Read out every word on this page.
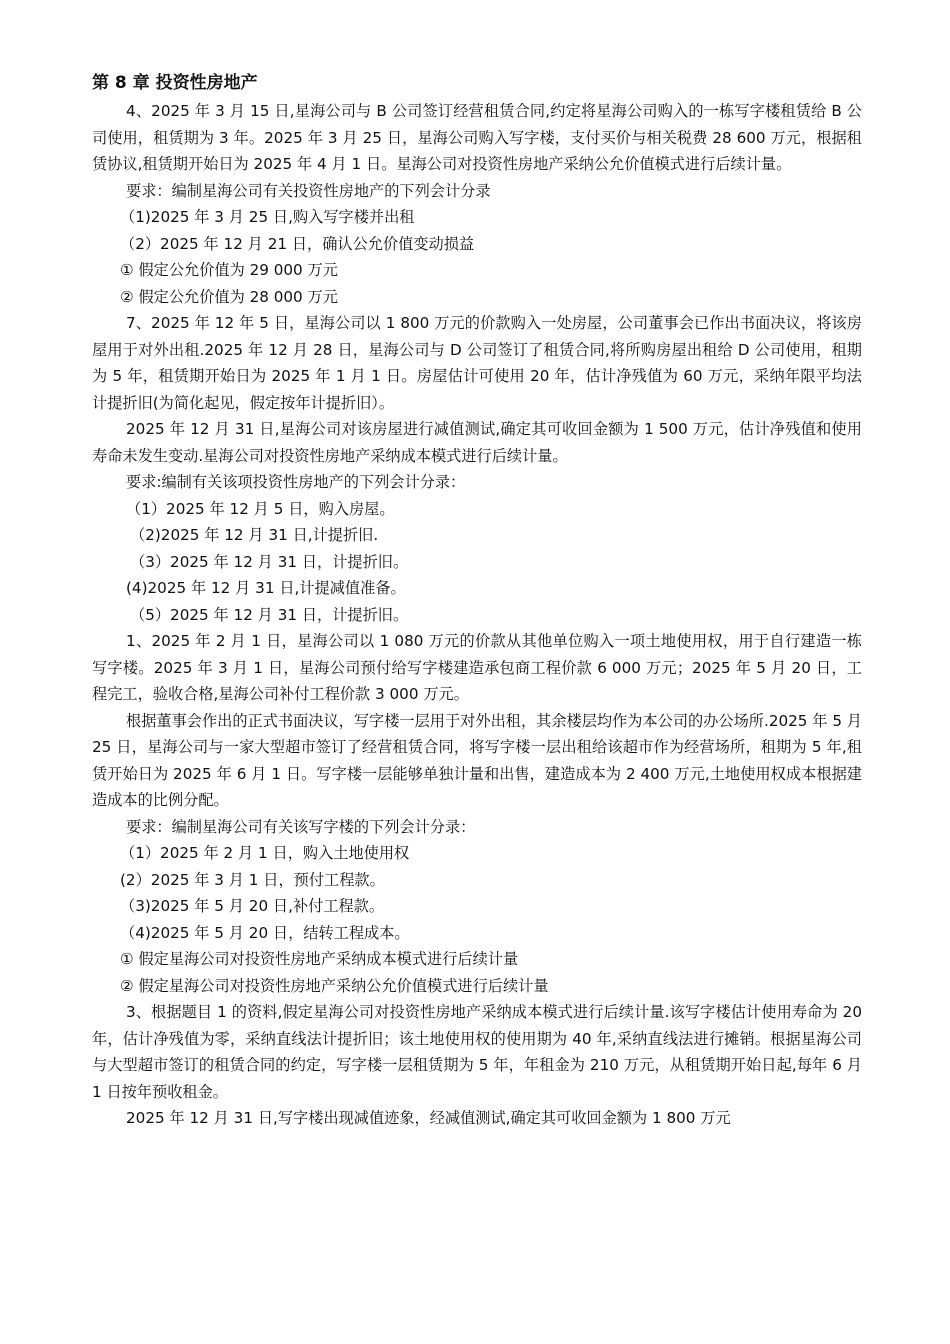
第 8 章 投资性房地产

4、2025 年 3 月 15 日,星海公司与 B 公司签订经营租赁合同,约定将星海公司购入的一栋写字楼租赁给 B 公司使用，租赁期为 3 年。2025 年 3 月 25 日，星海公司购入写字楼，支付买价与相关税费 28 600 万元，根据租赁协议,租赁期开始日为 2025 年 4 月 1 日。星海公司对投资性房地产采纳公允价值模式进行后续计量。

要求：编制星海公司有关投资性房地产的下列会计分录

（1)2025 年 3 月 25 日,购入写字楼并出租

（2）2025 年 12 月 21 日，确认公允价值变动损益

① 假定公允价值为 29 000 万元

② 假定公允价值为 28 000 万元

7、2025 年 12 年 5 日，星海公司以 1 800 万元的价款购入一处房屋，公司董事会已作出书面决议，将该房屋用于对外出租.2025 年 12 月 28 日，星海公司与 D 公司签订了租赁合同,将所购房屋出租给 D 公司使用，租期为 5 年，租赁期开始日为 2025 年 1 月 1 日。房屋估计可使用 20 年，估计净残值为 60 万元，采纳年限平均法计提折旧(为简化起见，假定按年计提折旧）。

2025 年 12 月 31 日,星海公司对该房屋进行减值测试,确定其可收回金额为 1 500 万元，估计净残值和使用寿命未发生变动.星海公司对投资性房地产采纳成本模式进行后续计量。

要求:编制有关该项投资性房地产的下列会计分录：

（1）2025 年 12 月 5 日，购入房屋。

（2)2025 年 12 月 31 日,计提折旧.

（3）2025 年 12 月 31 日，计提折旧。

(4)2025 年 12 月 31 日,计提减值准备。

（5）2025 年 12 月 31 日，计提折旧。

1、2025 年 2 月 1 日，星海公司以 1 080 万元的价款从其他单位购入一项土地使用权，用于自行建造一栋写字楼。2025 年 3 月 1 日，星海公司预付给写字楼建造承包商工程价款 6 000 万元；2025 年 5 月 20 日，工程完工，验收合格,星海公司补付工程价款 3 000 万元。

根据董事会作出的正式书面决议，写字楼一层用于对外出租，其余楼层均作为本公司的办公场所.2025 年 5 月 25 日，星海公司与一家大型超市签订了经营租赁合同，将写字楼一层出租给该超市作为经营场所，租期为 5 年,租赁开始日为 2025 年 6 月 1 日。写字楼一层能够单独计量和出售，建造成本为 2 400 万元,土地使用权成本根据建造成本的比例分配。

要求：编制星海公司有关该写字楼的下列会计分录：

（1）2025 年 2 月 1 日，购入土地使用权

(2）2025 年 3 月 1 日，预付工程款。

（3)2025 年 5 月 20 日,补付工程款。

（4)2025 年 5 月 20 日，结转工程成本。

① 假定星海公司对投资性房地产采纳成本模式进行后续计量

② 假定星海公司对投资性房地产采纳公允价值模式进行后续计量

3、根据题目 1 的资料,假定星海公司对投资性房地产采纳成本模式进行后续计量.该写字楼估计使用寿命为 20 年，估计净残值为零，采纳直线法计提折旧；该土地使用权的使用期为 40 年,采纳直线法进行摊销。根据星海公司与大型超市签订的租赁合同的约定，写字楼一层租赁期为 5 年，年租金为 210 万元，从租赁期开始日起,每年 6 月 1 日按年预收租金。

2025 年 12 月 31 日,写字楼出现减值迹象，经减值测试,确定其可收回金额为 1 800 万元
